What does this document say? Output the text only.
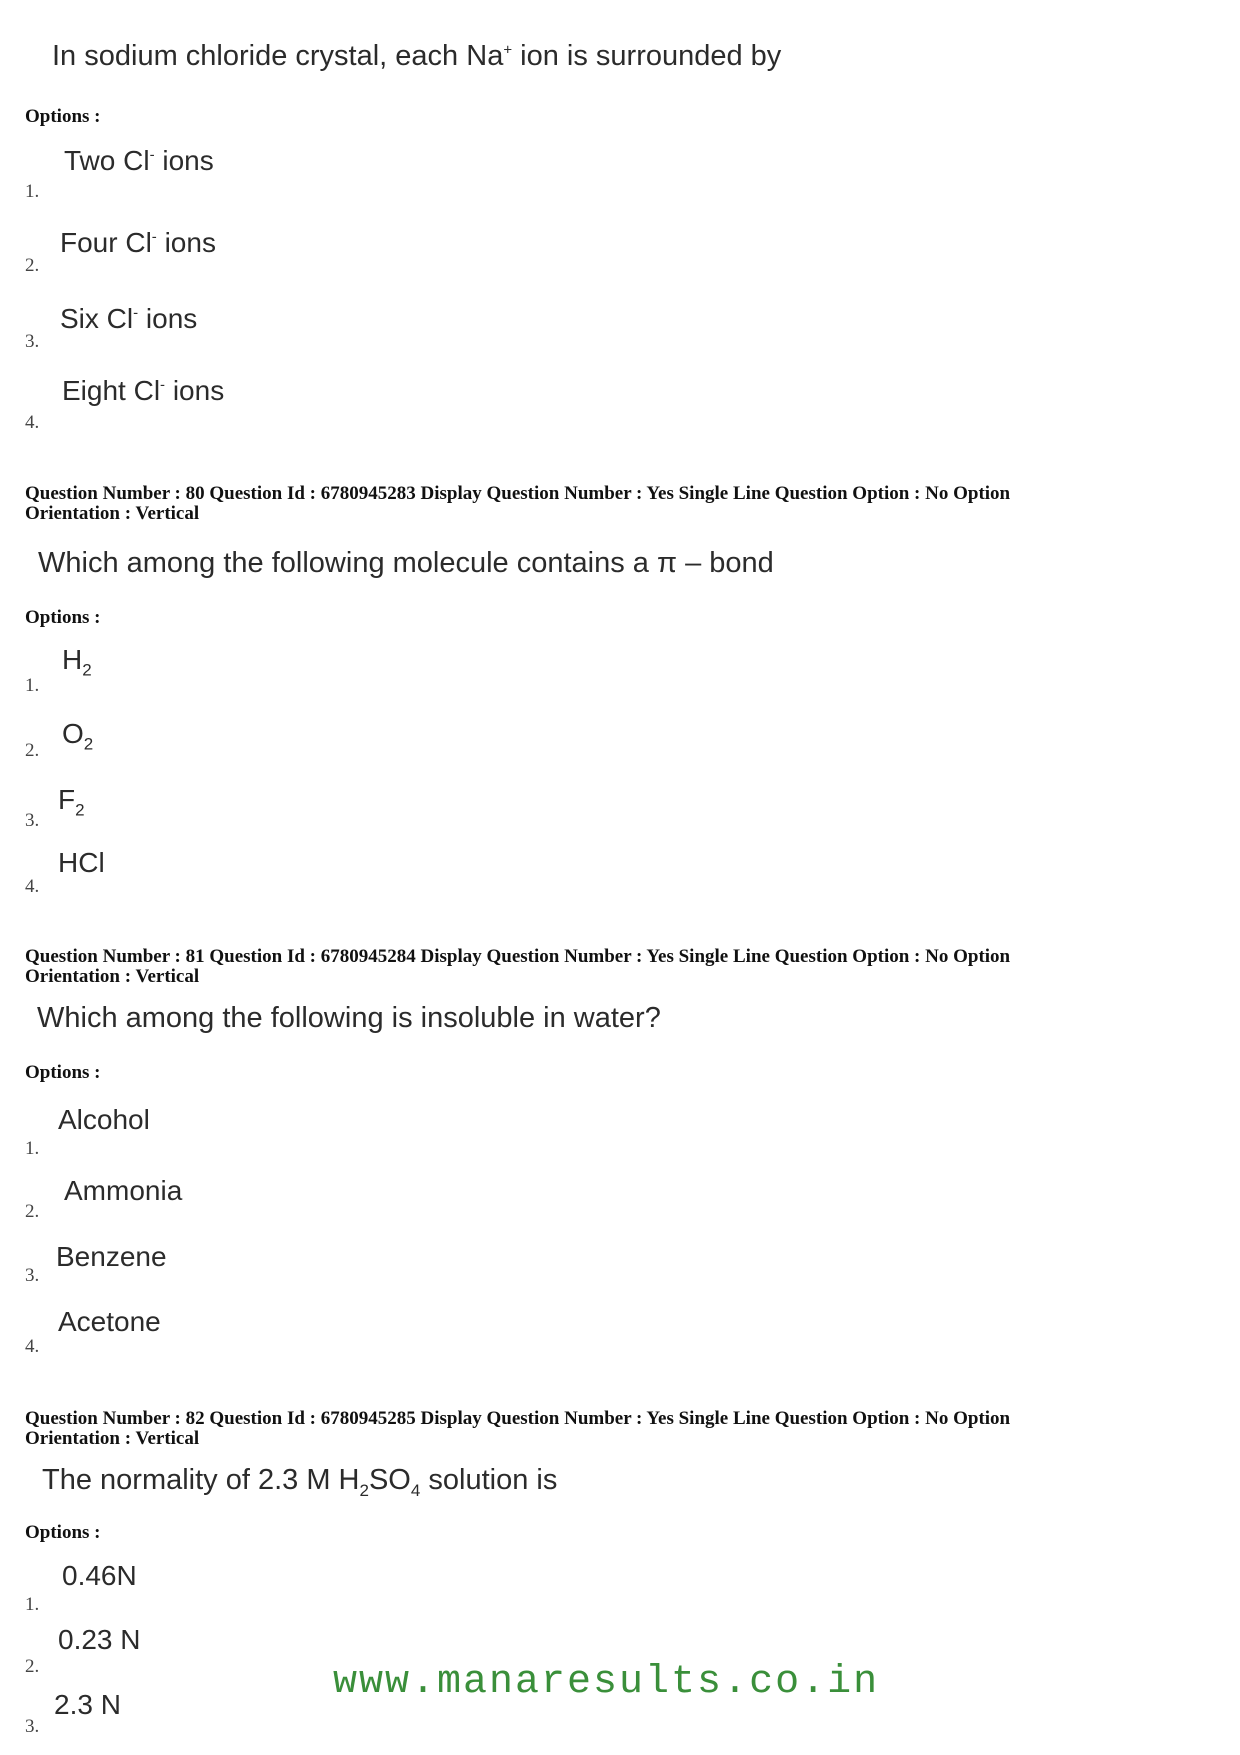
In sodium chloride crystal, each Na+ ion is surrounded by
Options :
Two Cl- ions
1.
Four Cl- ions
2.
Six Cl- ions
3.
Eight Cl- ions
4.
Question Number : 80 Question Id : 6780945283 Display Question Number : Yes Single Line Question Option : No Option
Orientation : Vertical
Which among the following molecule contains a π – bond
Options :
$H_2$
1.
$O_2$
2.
$F_2$
3.
HCl
4.
Question Number : 81 Question Id : 6780945284 Display Question Number : Yes Single Line Question Option : No Option
Orientation : Vertical
Which among the following is insoluble in water?
Options :
Alcohol
1.
Ammonia
2.
Benzene
3.
Acetone
4.
Question Number : 82 Question Id : 6780945285 Display Question Number : Yes Single Line Question Option : No Option
Orientation : Vertical
The normality of 2.3 M $H_2SO_4$ solution is
Options :
0.46N
1.
0.23 N
2.
2.3 N
3.
www.manaresults.co.in
